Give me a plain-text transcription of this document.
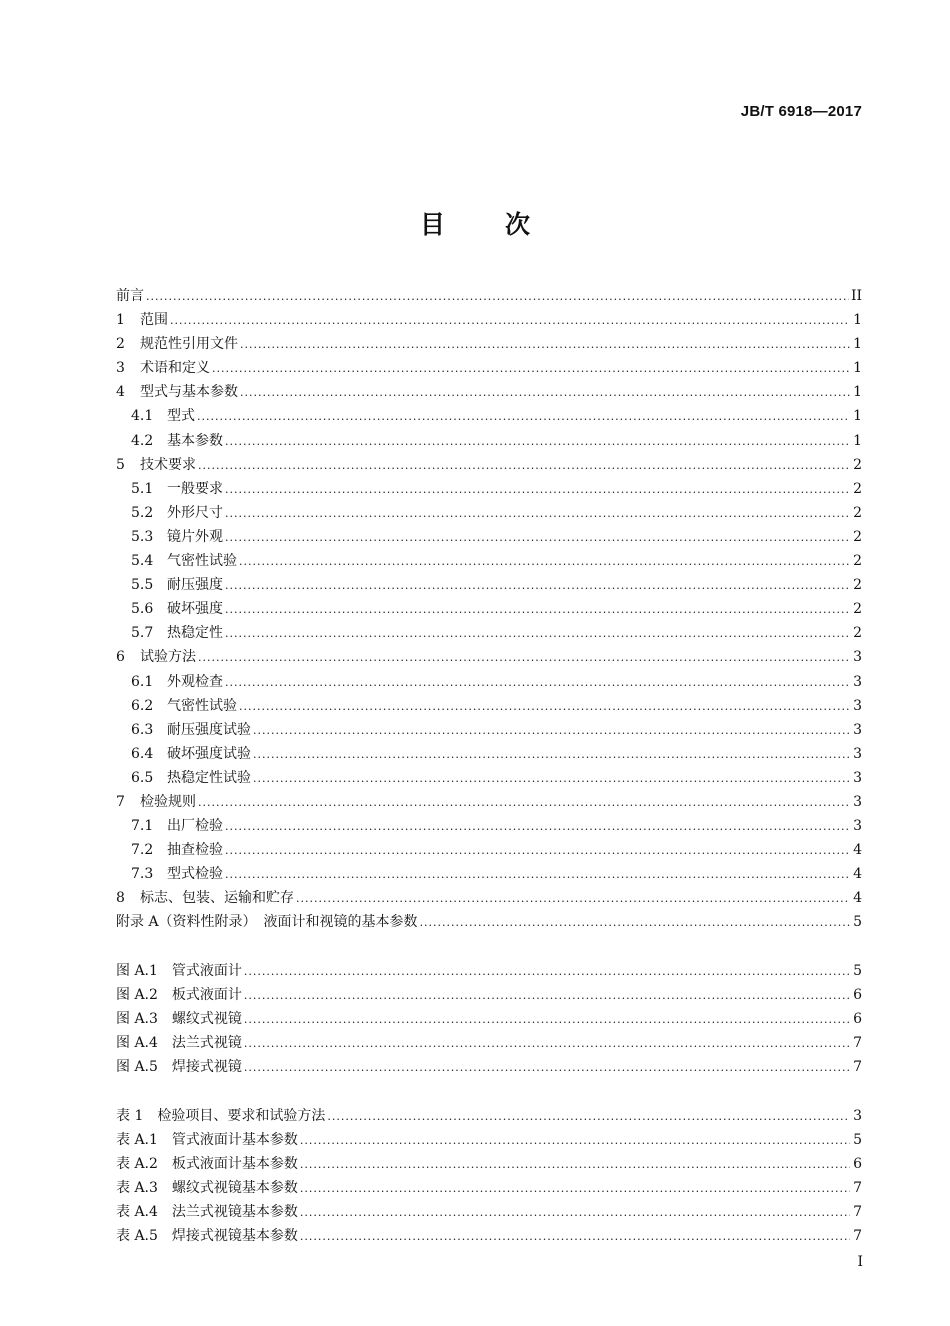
JB/T 6918—2017
目次
前言 .....	II
1	范围 .....	1
2	规范性引用文件 .....	1
3	术语和定义 .....	1
4	型式与基本参数 .....	1
4.1 型式 .....	1
4.2 基本参数 .....	1
5	技术要求 .....	2
5.1 一般要求 .....	2
5.2 外形尺寸 .....	2
5.3 镜片外观 .....	2
5.4 气密性试验 .....	2
5.5 耐压强度 .....	2
5.6 破坏强度 .....	2
5.7 热稳定性 .....	2
6	试验方法 .....	3
6.1 外观检查 .....	3
6.2 气密性试验 .....	3
6.3 耐压强度试验 .....	3
6.4 破坏强度试验 .....	3
6.5 热稳定性试验 .....	3
7	检验规则 .....	3
7.1 出厂检验 .....	3
7.2 抽查检验 .....	4
7.3 型式检验 .....	4
8	标志、包装、运输和贮存 .....	4
附录 A（资料性附录）　液面计和视镜的基本参数 .....	5
图 A.1　管式液面计 .....	5
图 A.2　板式液面计 .....	6
图 A.3　螺纹式视镜 .....	6
图 A.4　法兰式视镜 .....	7
图 A.5　焊接式视镜 .....	7
表 1　检验项目、要求和试验方法 .....	3
表 A.1　管式液面计基本参数 .....	5
表 A.2　板式液面计基本参数 .....	6
表 A.3　螺纹式视镜基本参数 .....	7
表 A.4　法兰式视镜基本参数 .....	7
表 A.5　焊接式视镜基本参数 .....	7
I
